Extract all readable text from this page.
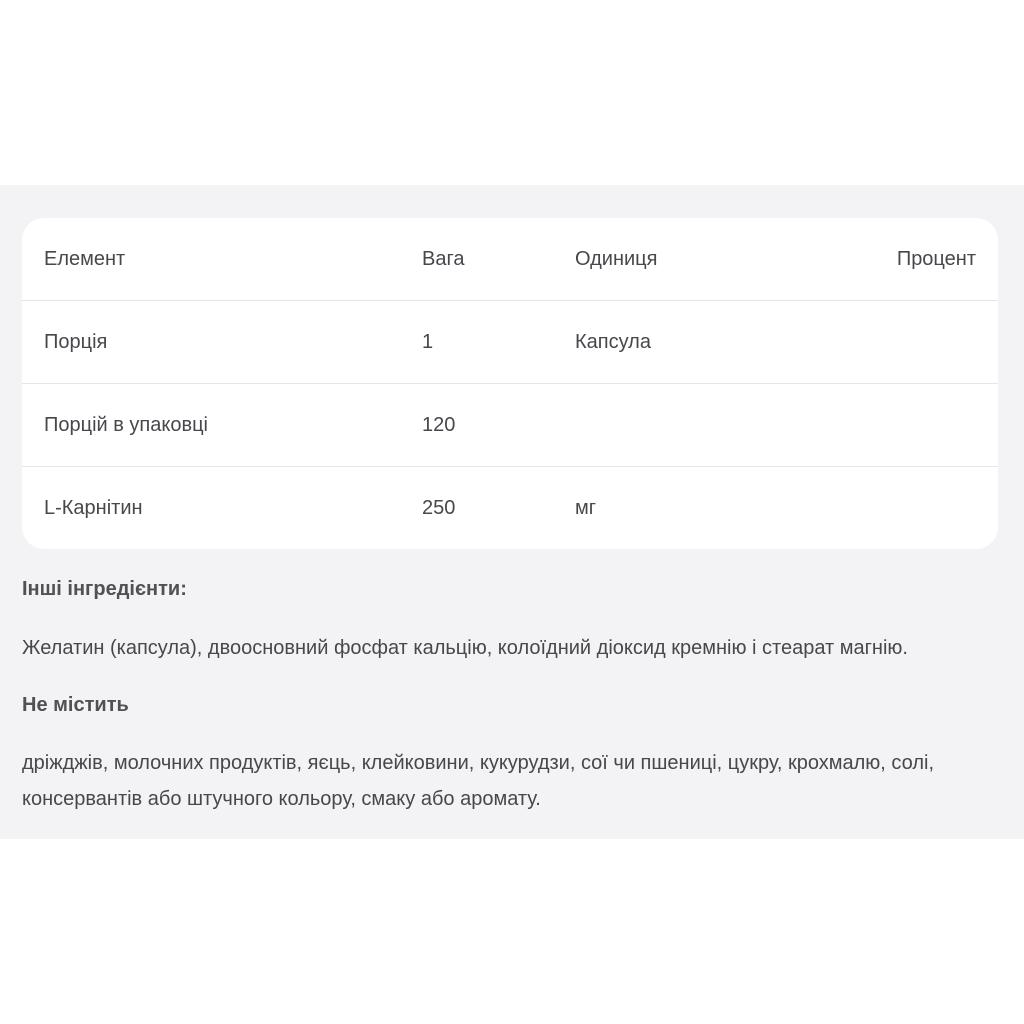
Елемент	Вага	Одиниця	Процент
Порція	1	Капсула
Порцій в упаковці	120
L-Карнітин	250	мг
Інші інгредієнти:
Желатин (капсула), двоосновний фосфат кальцію, колоїдний діоксид кремнію і стеарат магнію.
Не містить
дріжджів, молочних продуктів, яєць, клейковини, кукурудзи, сої чи пшениці, цукру, крохмалю, солі, консервантів або штучного кольору, смаку або аромату.
